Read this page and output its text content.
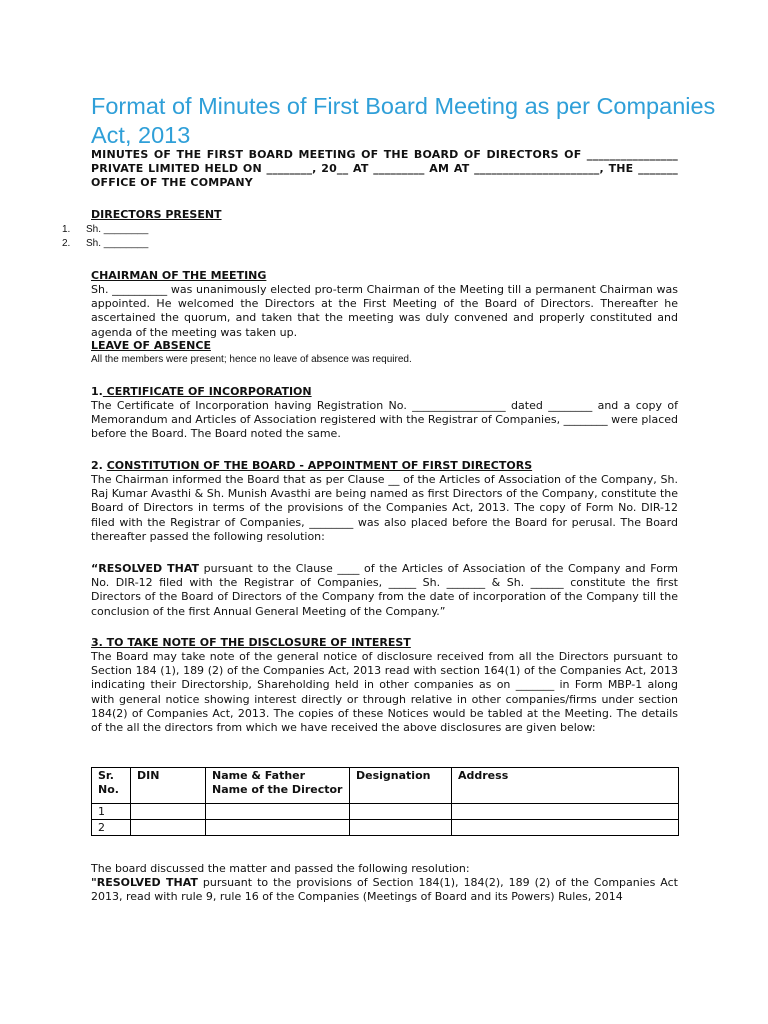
Format of Minutes of First Board Meeting as per Companies Act, 2013
MINUTES OF THE FIRST BOARD MEETING OF THE BOARD OF DIRECTORS OF ________________ PRIVATE LIMITED HELD ON ________, 20__ AT _________ AM AT ______________________, THE _______ OFFICE OF THE COMPANY
DIRECTORS PRESENT
1.	Sh. ________
2.	Sh. ________
CHAIRMAN OF THE MEETING
Sh. __________ was unanimously elected pro-term Chairman of the Meeting till a permanent Chairman was appointed. He welcomed the Directors at the First Meeting of the Board of Directors. Thereafter he ascertained the quorum, and taken that the meeting was duly convened and properly constituted and agenda of the meeting was taken up.
LEAVE OF ABSENCE
All the members were present; hence no leave of absence was required.
1. CERTIFICATE OF INCORPORATION
The Certificate of Incorporation having Registration No. _________________ dated ________ and a copy of Memorandum and Articles of Association registered with the Registrar of Companies, ________ were placed before the Board. The Board noted the same.
2. CONSTITUTION OF THE BOARD - APPOINTMENT OF FIRST DIRECTORS
The Chairman informed the Board that as per Clause __ of the Articles of Association of the Company, Sh. Raj Kumar Avasthi & Sh. Munish Avasthi are being named as first Directors of the Company, constitute the Board of Directors in terms of the provisions of the Companies Act, 2013. The copy of Form No. DIR-12 filed with the Registrar of Companies, ________ was also placed before the Board for perusal. The Board thereafter passed the following resolution:
“RESOLVED THAT pursuant to the Clause ____ of the Articles of Association of the Company and Form No. DIR-12 filed with the Registrar of Companies, _____ Sh. _______ & Sh. ______ constitute the first Directors of the Board of Directors of the Company from the date of incorporation of the Company till the conclusion of the first Annual General Meeting of the Company.”
3. TO TAKE NOTE OF THE DISCLOSURE OF INTEREST
The Board may take note of the general notice of disclosure received from all the Directors pursuant to Section 184 (1), 189 (2) of the Companies Act, 2013 read with section 164(1) of the Companies Act, 2013 indicating their Directorship, Shareholding held in other companies as on _______ in Form MBP-1 along with general notice showing interest directly or through relative in other companies/firms under section 184(2) of Companies Act, 2013. The copies of these Notices would be tabled at the Meeting. The details of the all the directors from which we have received the above disclosures are given below:
Sr. No.	DIN	Name & Father Name of the Director	Designation	Address
1				
2				
The board discussed the matter and passed the following resolution:
"RESOLVED THAT pursuant to the provisions of Section 184(1), 184(2), 189 (2) of the Companies Act 2013, read with rule 9, rule 16 of the Companies (Meetings of Board and its Powers) Rules, 2014
